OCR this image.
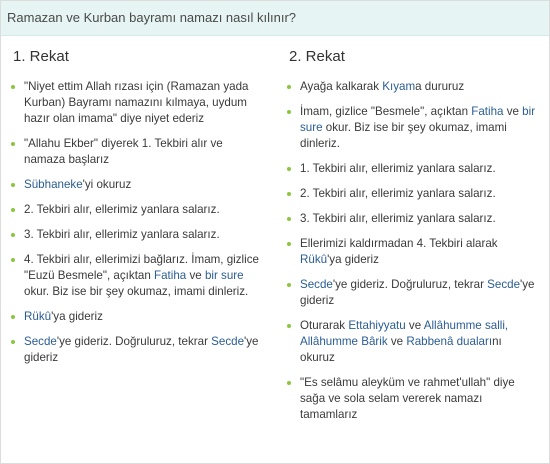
Ramazan ve Kurban bayramı namazı nasıl kılınır?
1. Rekat
"Niyet ettim Allah rızası için (Ramazan yada Kurban) Bayramı namazını kılmaya, uydum hazır olan imama" diye niyet ederiz
"Allahu Ekber" diyerek 1. Tekbiri alır ve namaza başlarız
Sübhaneke'yi okuruz
2. Tekbiri alır, ellerimiz yanlara salarız.
3. Tekbiri alır, ellerimiz yanlara salarız.
4. Tekbiri alır, ellerimizi bağlarız. İmam, gizlice "Euzü Besmele", açıktan Fatiha ve bir sure okur. Biz ise bir şey okumaz, imami dinleriz.
Rükû'ya gideriz
Secde'ye gideriz. Doğruluruz, tekrar Secde'ye gideriz
2. Rekat
Ayağa kalkarak Kıyama dururuz
İmam, gizlice "Besmele", açıktan Fatiha ve bir sure okur. Biz ise bir şey okumaz, imami dinleriz.
1. Tekbiri alır, ellerimiz yanlara salarız.
2. Tekbiri alır, ellerimiz yanlara salarız.
3. Tekbiri alır, ellerimiz yanlara salarız.
Ellerimizi kaldırmadan 4. Tekbiri alarak Rükû'ya gideriz
Secde'ye gideriz. Doğruluruz, tekrar Secde'ye gideriz
Oturarak Ettahiyyatu ve Allâhumme salli, Allâhumme Bârik ve Rabbenâ dualarını okuruz
"Es selâmu aleyküm ve rahmet'ullah" diye sağa ve sola selam vererek namazı tamamlarız
